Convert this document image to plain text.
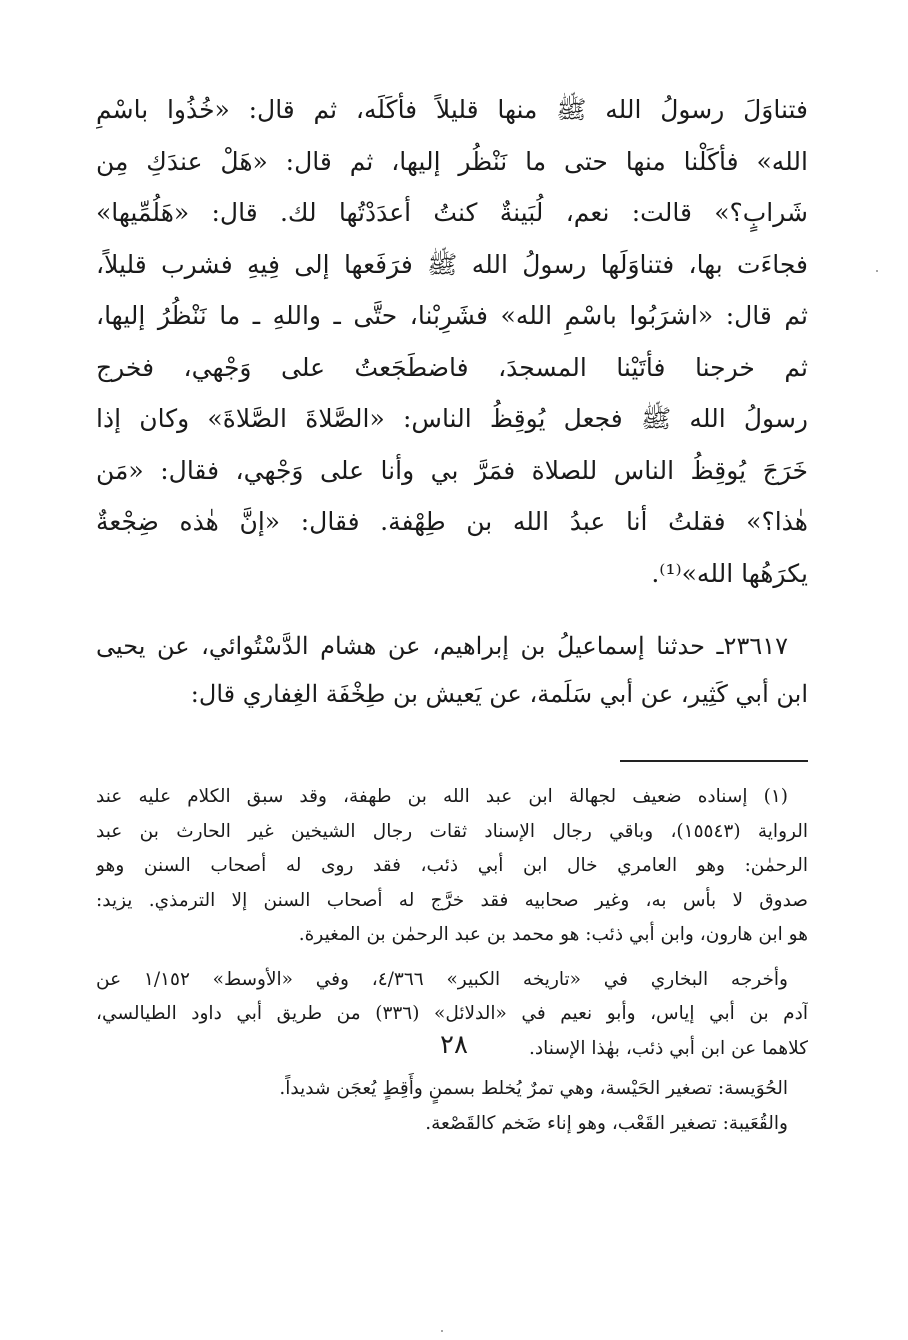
فتناوَلَ رسولُ الله ﷺ منها قليلاً فأكَلَه، ثم قال: «خُذُوا باسْمِ
الله» فأكَلْنا منها حتى ما نَنْظُر إليها، ثم قال: «هَلْ عندَكِ مِن
شَرابٍ؟» قالت: نعم، لُبَينةٌ كنتُ أعدَدْتُها لك. قال: «هَلُمِّيها»
فجاءَت بها، فتناوَلَها رسولُ الله ﷺ فرَفَعها إلى فِيهِ فشرب قليلاً،
ثم قال: «اشرَبُوا باسْمِ الله» فشَرِبْنا، حتَّى ـ واللهِ ـ ما نَنْظُرُ إليها،
ثم خرجنا فأتَيْنا المسجدَ، فاضطَجَعتُ على وَجْهي، فخرج
رسولُ الله ﷺ فجعل يُوقِظُ الناس: «الصَّلاةَ الصَّلاةَ» وكان إذا
خَرَجَ يُوقِظُ الناس للصلاة فمَرَّ بي وأنا على وَجْهي، فقال: «مَن
هٰذا؟» فقلتُ أنا عبدُ الله بن طِهْفة. فقال: «إنَّ هٰذه ضِجْعةٌ
يكرَهُها الله»⁽¹⁾.
٢٣٦١٧ـ حدثنا إسماعيلُ بن إبراهيم، عن هشام الدَّسْتُوائي، عن يحيى
ابن أبي كَثِير، عن أبي سَلَمة، عن يَعيش بن طِخْفَة الغِفاري قال:
(١) إسناده ضعيف لجهالة ابن عبد الله بن طهفة، وقد سبق الكلام عليه عند
الرواية (١٥٥٤٣)، وباقي رجال الإسناد ثقات رجال الشيخين غير الحارث بن عبد
الرحمٰن: وهو العامري خال ابن أبي ذئب، فقد روى له أصحاب السنن وهو
صدوق لا بأس به، وغير صحابيه فقد خرَّج له أصحاب السنن إلا الترمذي. يزيد:
هو ابن هارون، وابن أبي ذئب: هو محمد بن عبد الرحمٰن بن المغيرة.
وأخرجه البخاري في «تاريخه الكبير» ٤/٣٦٦، وفي «الأوسط» ١/١٥٢ عن
آدم بن أبي إياس، وأبو نعيم في «الدلائل» (٣٣٦) من طريق أبي داود الطيالسي،
كلاهما عن ابن أبي ذئب، بهٰذا الإسناد.
الحُوَيسة: تصغير الحَيْسة، وهي تمرٌ يُخلط بسمنٍ وأَقِطٍ يُعجَن شديداً.
والقُعَيبة: تصغير القَعْب، وهو إناء ضَخم كالقَصْعة.
٢٨
